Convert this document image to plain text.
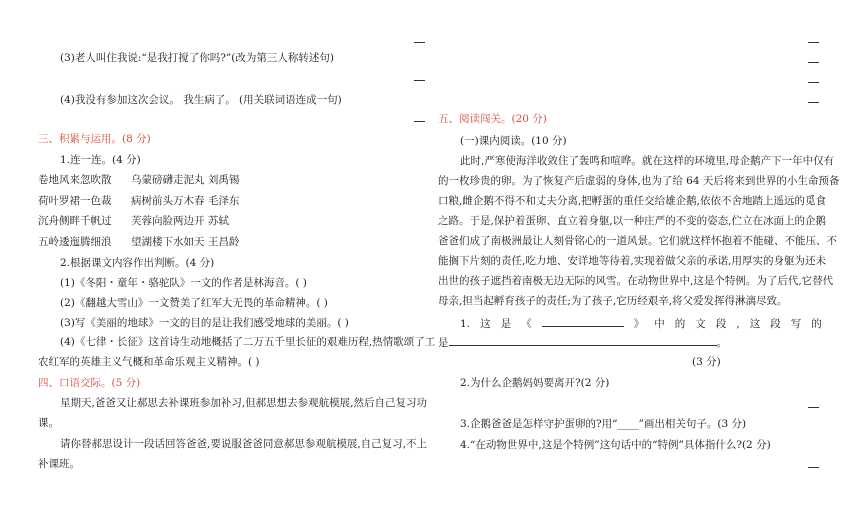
(3)老人叫住我说:“是我打搅了你吗?”(改为第三人称转述句)
(4)我没有参加这次会议。 我生病了。 (用关联词语连成一句)
三、积累与运用。(8 分)
1.连一连。(4 分)
卷地风来忽吹散 乌蒙磅礴走泥丸 刘禹锡
荷叶罗裙一色裁 病树前头万木春 毛泽东
沉舟侧畔千帆过 芙蓉向脸两边开 苏轼
五岭逶迤腾细浪 望湖楼下水如天 王昌龄
2.根据课文内容作出判断。(4 分)
(1)《冬阳・童年・骆驼队》一文的作者是林海音。( )
(2)《翻越大雪山》一文赞美了红军大无畏的革命精神。( )
(3)写《美丽的地球》一文的目的是让我们感受地球的美丽。( )
(4)《七律・长征》这首诗生动地概括了二万五千里长征的艰难历程,热情歌颂了工
农红军的英雄主义气概和革命乐观主义精神。( )
四、口语交际。(5 分)
星期天,爸爸又让郝思去补课班参加补习,但郝思想去参观航模展,然后自己复习功
课。
请你替郝思设计一段话回答爸爸,要说服爸爸同意郝思参观航模展,自己复习,不上
补课班。
五、阅读闯关。(20 分)
(一)课内阅读。(10 分)
此时,严寒使海洋收敛住了轰鸣和喧哗。就在这样的环境里,母企鹅产下一年中仅有
的一枚珍贵的卵。为了恢复产后虚弱的身体,也为了给 64 天后将来到世界的小生命预备
口粮,雌企鹅不得不和丈夫分离,把孵蛋的重任交给雄企鹅,依依不舍地踏上遥远的觅食
之路。于是,保护着蛋卵、直立着身躯,以一种庄严的不变的姿态,伫立在冰面上的企鹅
爸爸们成了南极洲最让人刻骨铭心的一道风景。它们就这样怀抱着不能碰、不能压、不
能搁下片刻的责任,吃力地、安详地等待着,实现着做父亲的承诺,用厚实的身躯为还未
出世的孩子遮挡着南极无边无际的风雪。在动物世界中,这是个特例。为了后代,它替代
母亲,担当起孵育孩子的责任;为了孩子,它历经艰辛,将父爱发挥得淋漓尽致。
1. 这 是 《	》 中 的 文 段 , 这 段 写 的
是	。
(3 分)
2.为什么企鹅妈妈要离开?(2 分)
3.企鹅爸爸是怎样守护蛋卵的?用“____”画出相关句子。(3 分)
4.“在动物世界中,这是个特例”这句话中的“特例”具体指什么?(2 分)
